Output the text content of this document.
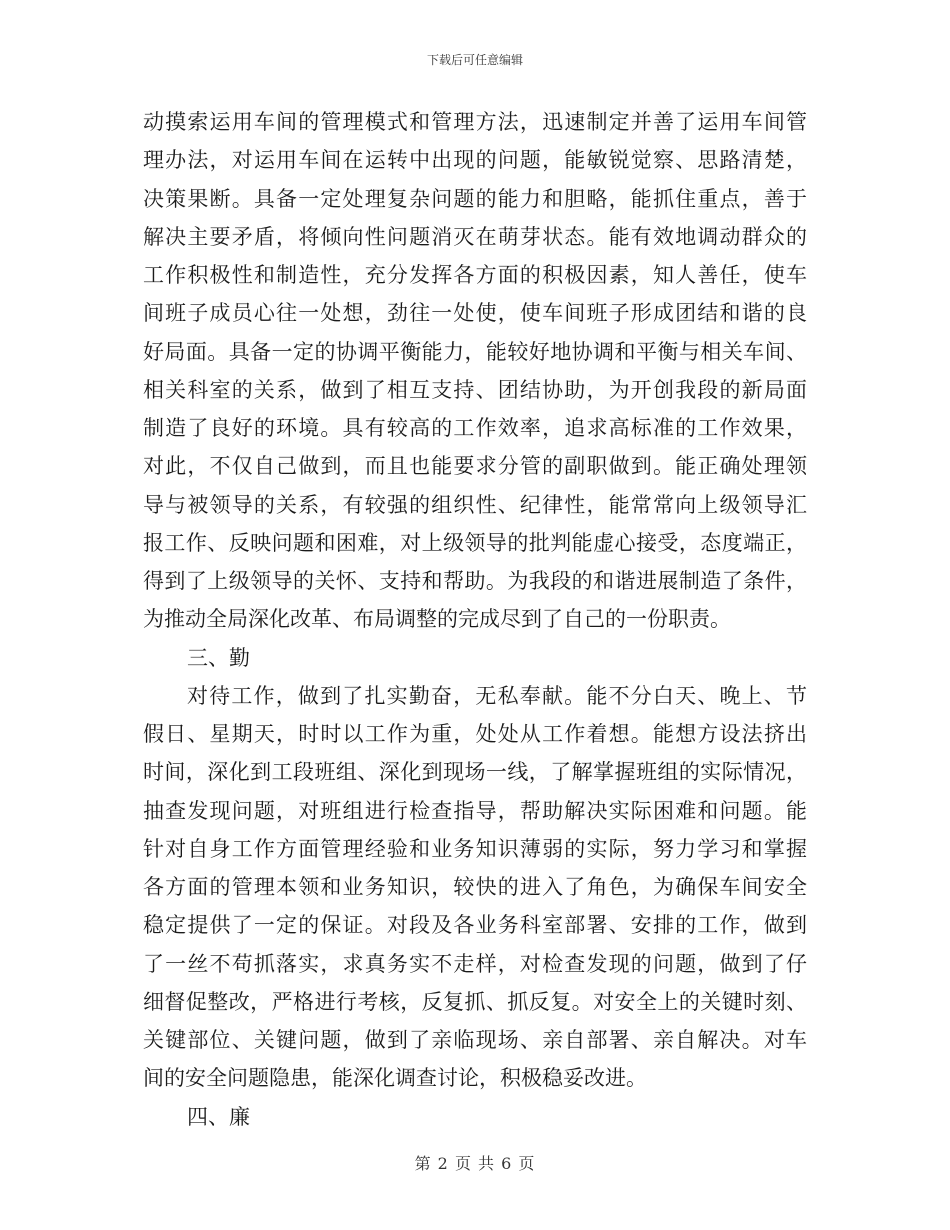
下载后可任意编辑
动摸索运用车间的管理模式和管理方法，迅速制定并善了运用车间管
理办法，对运用车间在运转中出现的问题，能敏锐觉察、思路清楚，
决策果断。具备一定处理复杂问题的能力和胆略，能抓住重点，善于
解决主要矛盾，将倾向性问题消灭在萌芽状态。能有效地调动群众的
工作积极性和制造性，充分发挥各方面的积极因素，知人善任，使车
间班子成员心往一处想，劲往一处使，使车间班子形成团结和谐的良
好局面。具备一定的协调平衡能力，能较好地协调和平衡与相关车间、
相关科室的关系，做到了相互支持、团结协助，为开创我段的新局面
制造了良好的环境。具有较高的工作效率，追求高标准的工作效果，
对此，不仅自己做到，而且也能要求分管的副职做到。能正确处理领
导与被领导的关系，有较强的组织性、纪律性，能常常向上级领导汇
报工作、反映问题和困难，对上级领导的批判能虚心接受，态度端正，
得到了上级领导的关怀、支持和帮助。为我段的和谐进展制造了条件，
为推动全局深化改革、布局调整的完成尽到了自己的一份职责。
三、勤
对待工作，做到了扎实勤奋，无私奉献。能不分白天、晚上、节
假日、星期天，时时以工作为重，处处从工作着想。能想方设法挤出
时间，深化到工段班组、深化到现场一线，了解掌握班组的实际情况，
抽查发现问题，对班组进行检查指导，帮助解决实际困难和问题。能
针对自身工作方面管理经验和业务知识薄弱的实际，努力学习和掌握
各方面的管理本领和业务知识，较快的进入了角色，为确保车间安全
稳定提供了一定的保证。对段及各业务科室部署、安排的工作，做到
了一丝不苟抓落实，求真务实不走样，对检查发现的问题，做到了仔
细督促整改，严格进行考核，反复抓、抓反复。对安全上的关键时刻、
关键部位、关键问题，做到了亲临现场、亲自部署、亲自解决。对车
间的安全问题隐患，能深化调查讨论，积极稳妥改进。
四、廉
第 2 页 共 6 页
